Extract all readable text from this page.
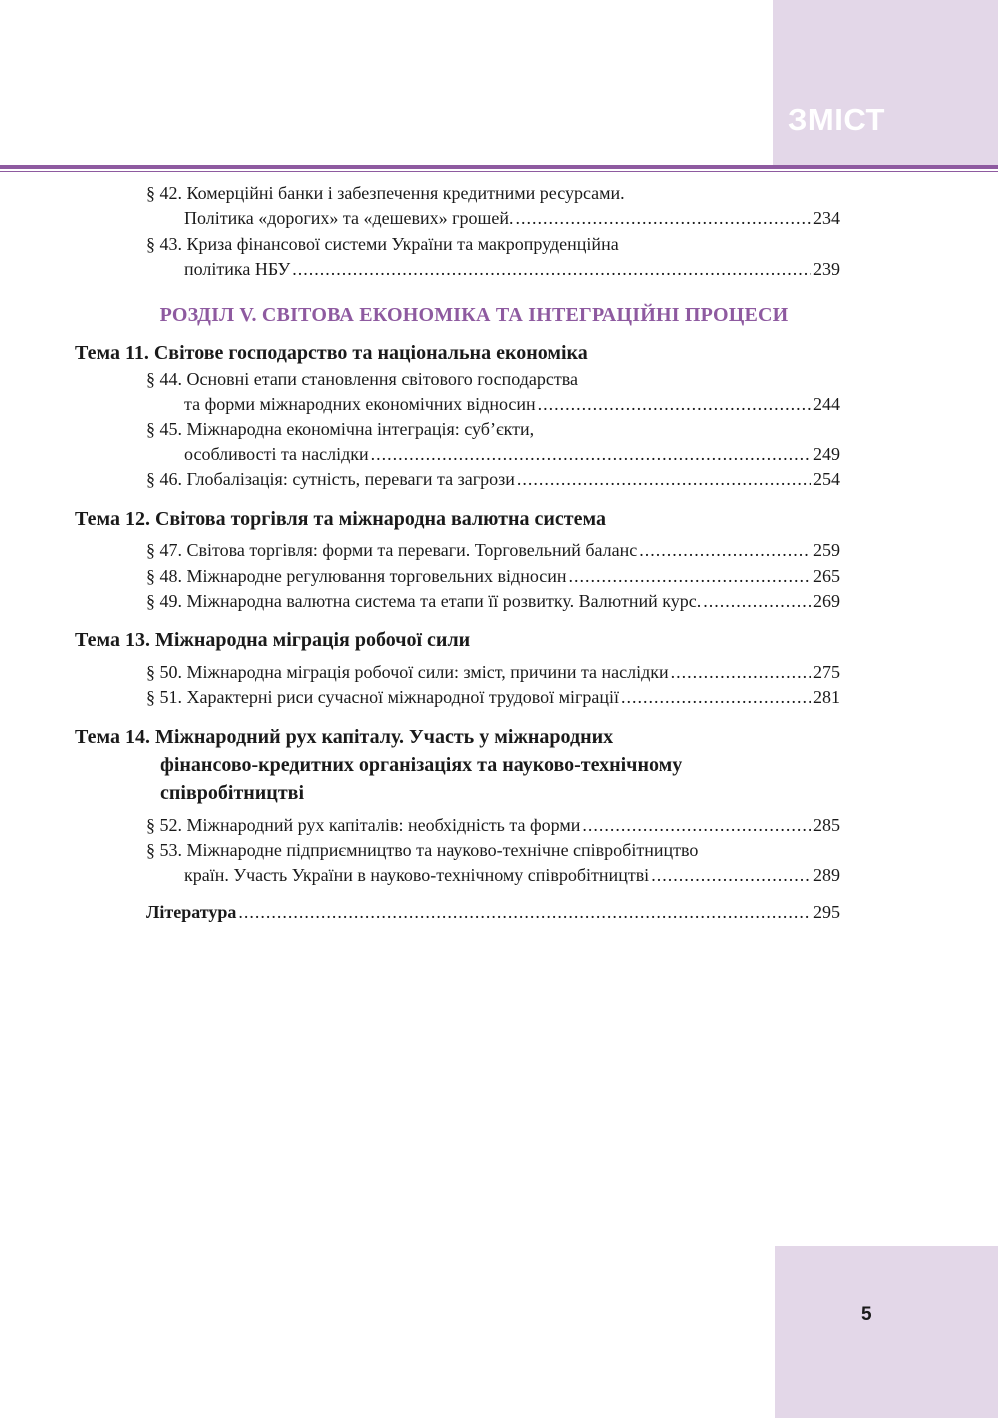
ЗМІСТ
§ 42. Комерційні банки і забезпечення кредитними ресурсами.
Політика «дорогих» та «дешевих» грошей. .....	234
§ 43. Криза фінансової системи України та макропруденційна
політика НБУ .....	239
РОЗДІЛ V. СВІТОВА ЕКОНОМІКА ТА ІНТЕГРАЦІЙНІ ПРОЦЕСИ
Тема 11. Світове господарство та національна економіка
§ 44. Основні етапи становлення світового господарства
та форми міжнародних економічних відносин .....	244
§ 45. Міжнародна економічна інтеграція: суб’єкти,
особливості та наслідки .....	249
§ 46. Глобалізація: сутність, переваги та загрози .....	254
Тема 12. Світова торгівля та міжнародна валютна система
§ 47. Світова торгівля: форми та переваги. Торговельний баланс .....	259
§ 48. Міжнародне регулювання торговельних відносин .....	265
§ 49. Міжнародна валютна система та етапи її розвитку. Валютний курс. .....	269
Тема 13. Міжнародна міграція робочої сили
§ 50. Міжнародна міграція робочої сили: зміст, причини та наслідки .....	275
§ 51. Характерні риси сучасної міжнародної трудової міграції .....	281
Тема 14. Міжнародний рух капіталу. Участь у міжнародних
фінансово-кредитних організаціях та науково-технічному
співробітництві
§ 52. Міжнародний рух капіталів: необхідність та форми .....	285
§ 53. Міжнародне підприємництво та науково-технічне співробітництво
країн. Участь України в науково-технічному співробітництві .....	289
Література .....	295
5
